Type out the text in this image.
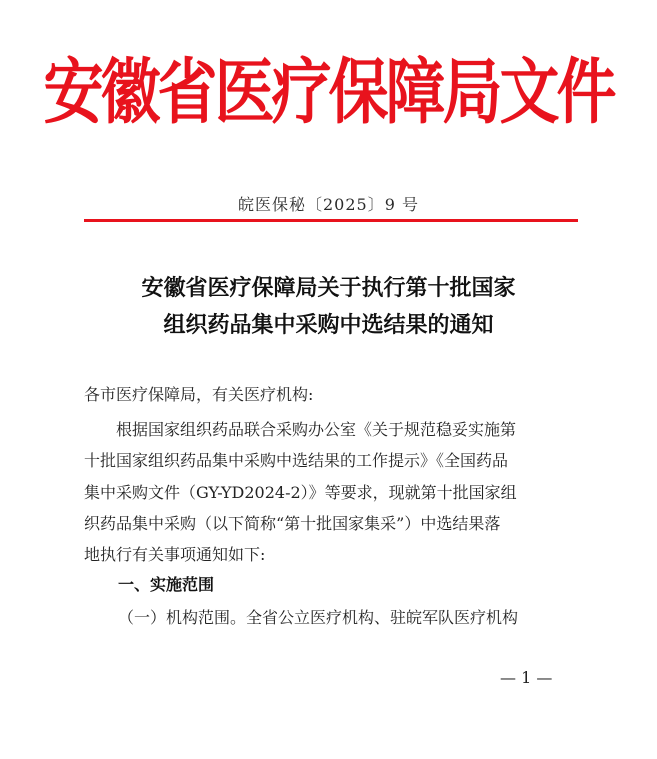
安徽省医疗保障局文件
皖医保秘〔2025〕9 号
安徽省医疗保障局关于执行第十批国家
组织药品集中采购中选结果的通知
各市医疗保障局，有关医疗机构:
　　根据国家组织药品联合采购办公室《关于规范稳妥实施第
十批国家组织药品集中采购中选结果的工作提示》《全国药品
集中采购文件（GY-YD2024-2）》等要求，现就第十批国家组
织药品集中采购（以下简称“第十批国家集采”）中选结果落
地执行有关事项通知如下:
一、实施范围
（一）机构范围。全省公立医疗机构、驻皖军队医疗机构
— 1 —
